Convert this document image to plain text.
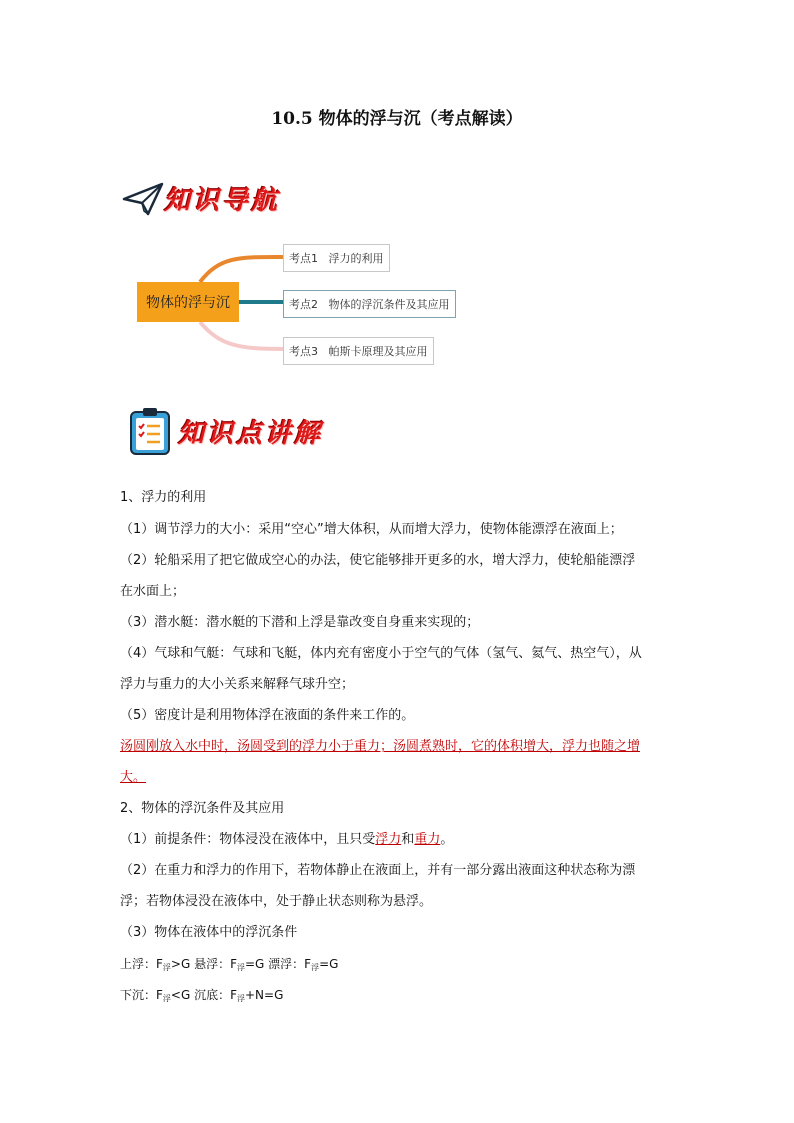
10.5 物体的浮与沉（考点解读）
知识导航
物体的浮与沉
考点1   浮力的利用
考点2   物体的浮沉条件及其应用
考点3   帕斯卡原理及其应用
知识点讲解
1、浮力的利用
（1）调节浮力的大小：采用“空心”增大体积，从而增大浮力，使物体能漂浮在液面上；
（2）轮船采用了把它做成空心的办法，使它能够排开更多的水，增大浮力，使轮船能漂浮
在水面上；
（3）潜水艇：潜水艇的下潜和上浮是靠改变自身重来实现的；
（4）气球和气艇：气球和飞艇，体内充有密度小于空气的气体（氢气、氦气、热空气），从
浮力与重力的大小关系来解释气球升空；
（5）密度计是利用物体浮在液面的条件来工作的。
汤圆刚放入水中时，汤圆受到的浮力小于重力；汤圆煮熟时，它的体积增大，浮力也随之增
大。
2、物体的浮沉条件及其应用
（1）前提条件：物体浸没在液体中，且只受浮力和重力。
（2）在重力和浮力的作用下，若物体静止在液面上，并有一部分露出液面这种状态称为漂
浮；若物体浸没在液体中，处于静止状态则称为悬浮。
（3）物体在液体中的浮沉条件
上浮：$F_浮>G$ 悬浮：$F_浮=G$ 漂浮：$F_浮=G$
下沉：$F_浮<G$ 沉底：$F_浮+N=G$
